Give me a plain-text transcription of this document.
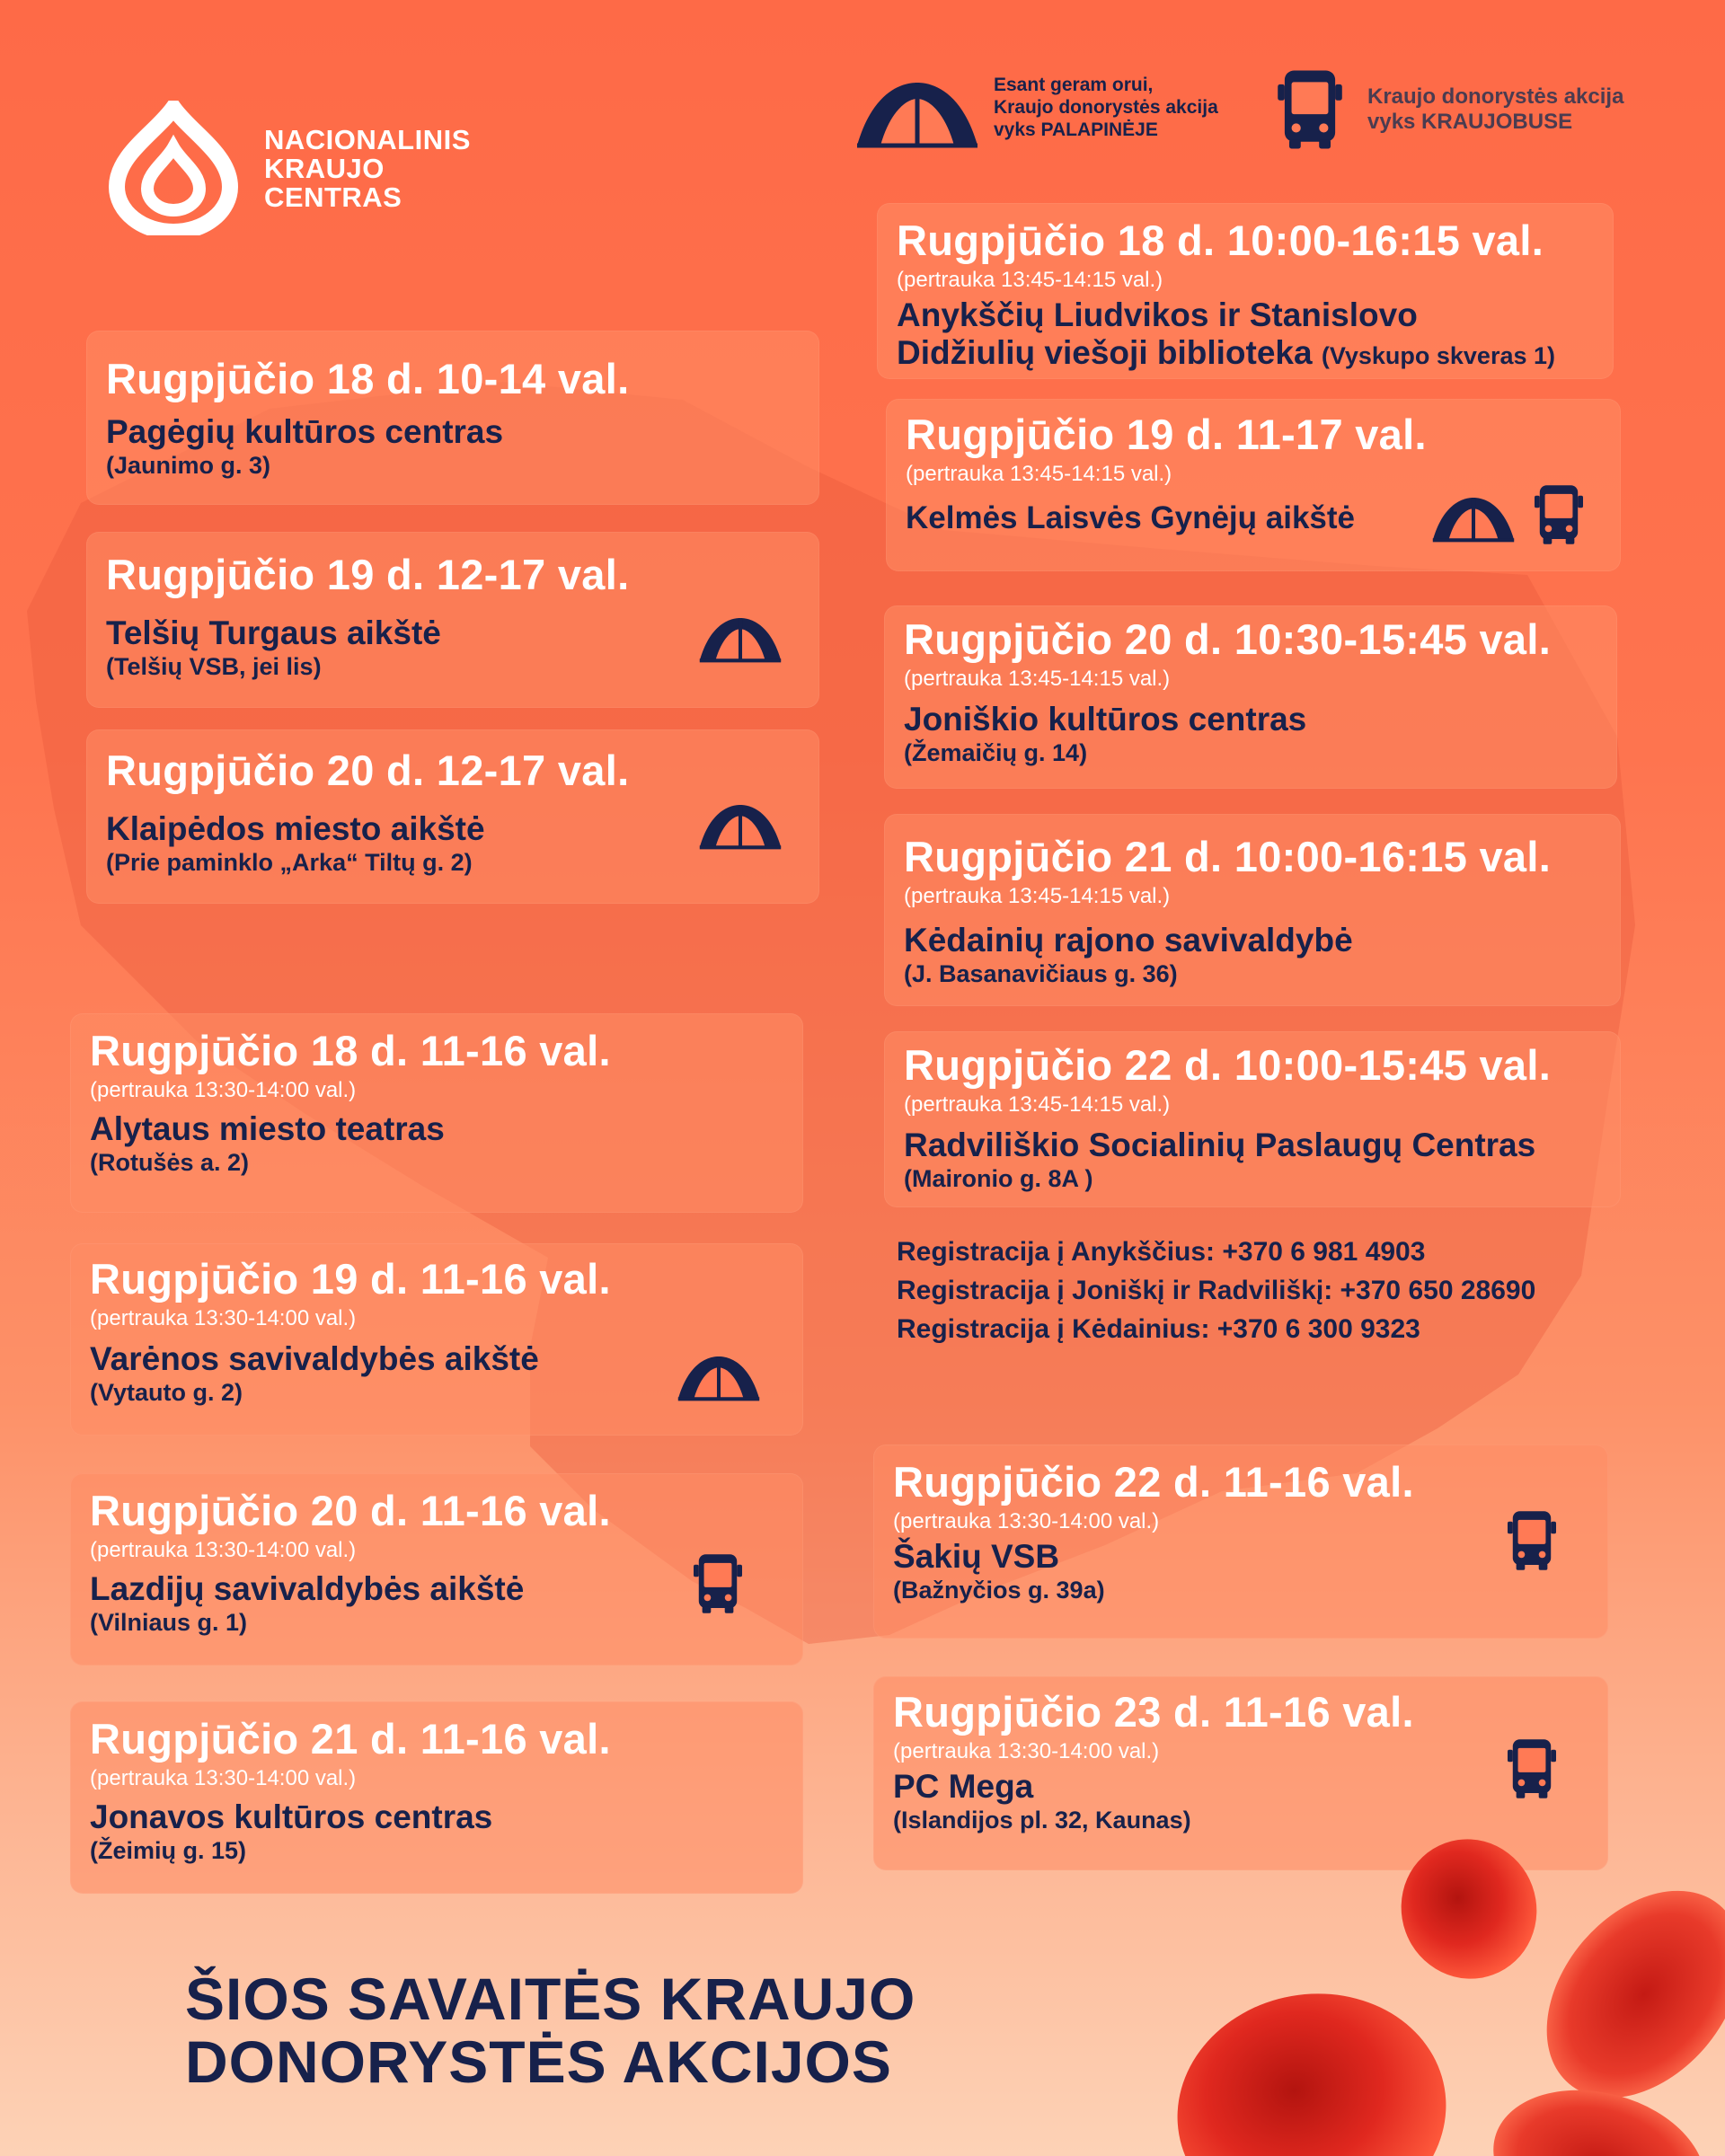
NACIONALINIS
KRAUJO
CENTRAS
Esant geram orui,
Kraujo donorystės akcija
vyks PALAPINĖJE
Kraujo donorystės akcija
vyks KRAUJOBUSE
Rugpjūčio 18 d. 10-14 val.
Pagėgių kultūros centras
(Jaunimo g. 3)
Rugpjūčio 19 d. 12-17 val.
Telšių Turgaus aikštė
(Telšių VSB, jei lis)
Rugpjūčio 20 d. 12-17 val.
Klaipėdos miesto aikštė
(Prie paminklo „Arka“ Tiltų g. 2)
Rugpjūčio 18 d. 11-16 val.
(pertrauka 13:30-14:00 val.)
Alytaus miesto teatras
(Rotušės a. 2)
Rugpjūčio 19 d. 11-16 val.
(pertrauka 13:30-14:00 val.)
Varėnos savivaldybės aikštė
(Vytauto g. 2)
Rugpjūčio 20 d. 11-16 val.
(pertrauka 13:30-14:00 val.)
Lazdijų savivaldybės aikštė
(Vilniaus g. 1)
Rugpjūčio 21 d. 11-16 val.
(pertrauka 13:30-14:00 val.)
Jonavos kultūros centras
(Žeimių g. 15)
Rugpjūčio 18 d. 10:00-16:15 val.
(pertrauka 13:45-14:15 val.)
Anykščių Liudvikos ir Stanislovo
Didžiulių viešoji biblioteka (Vyskupo skveras 1)
Rugpjūčio 19 d. 11-17 val.
(pertrauka 13:45-14:15 val.)
Kelmės Laisvės Gynėjų aikštė
Rugpjūčio 20 d. 10:30-15:45 val.
(pertrauka 13:45-14:15 val.)
Joniškio kultūros centras
(Žemaičių g. 14)
Rugpjūčio 21 d. 10:00-16:15 val.
(pertrauka 13:45-14:15 val.)
Kėdainių rajono savivaldybė
(J. Basanavičiaus g. 36)
Rugpjūčio 22 d. 10:00-15:45 val.
(pertrauka 13:45-14:15 val.)
Radviliškio Socialinių Paslaugų Centras
(Maironio g. 8A )
Registracija į Anykščius: +370 6 981 4903
Registracija į Joniškį ir Radviliškį: +370 650 28690
Registracija į Kėdainius: +370 6 300 9323
Rugpjūčio 22 d. 11-16 val.
(pertrauka 13:30-14:00 val.)
Šakių VSB
(Bažnyčios g. 39a)
Rugpjūčio 23 d. 11-16 val.
(pertrauka 13:30-14:00 val.)
PC Mega
(Islandijos pl. 32, Kaunas)
ŠIOS SAVAITĖS KRAUJO
DONORYSTĖS AKCIJOS
